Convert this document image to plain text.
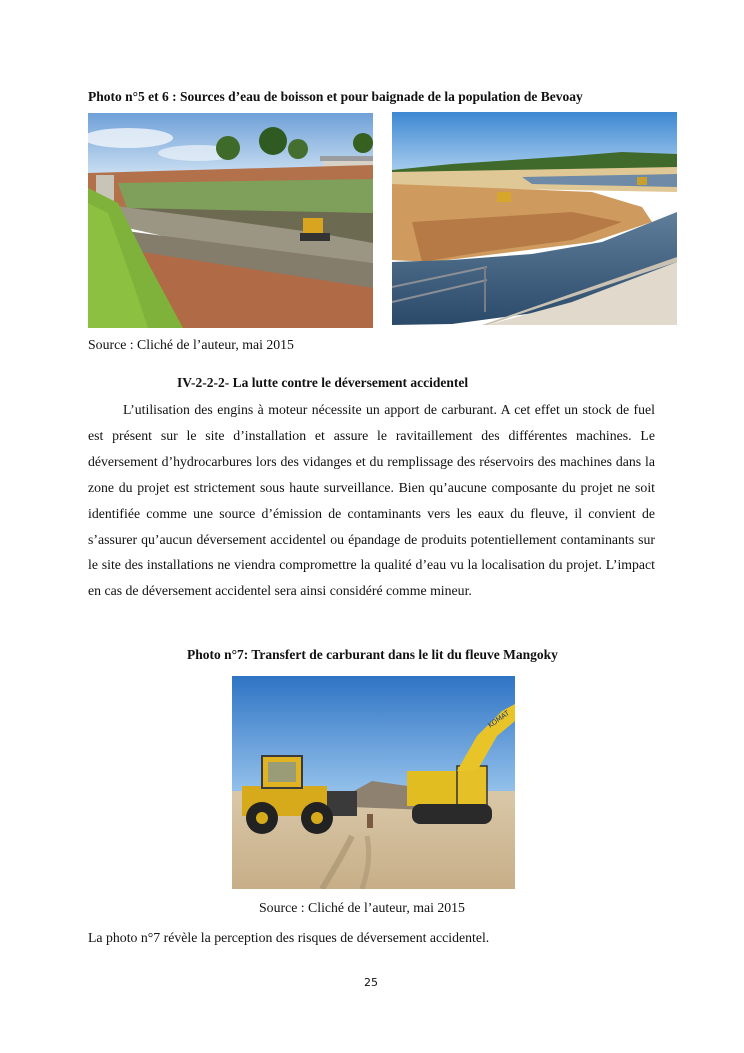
Photo n°5 et 6 : Sources d’eau de boisson et pour baignade de la population de Bevoay
Source : Cliché de l’auteur, mai 2015
IV-2-2-2- La lutte contre le déversement accidentel

L’utilisation des engins à moteur nécessite un apport de carburant. A cet effet un stock de fuel est présent sur le site d’installation et assure le ravitaillement des différentes machines. Le déversement d’hydrocarbures lors des vidanges et du remplissage des réservoirs des machines dans la zone du projet est strictement sous haute surveillance. Bien qu’aucune composante du projet ne soit identifiée comme une source d’émission de contaminants vers les eaux du fleuve, il convient de s’assurer qu’aucun déversement accidentel ou épandage de produits potentiellement contaminants sur le site des installations ne viendra compromettre la qualité d’eau vu la localisation du projet. L’impact en cas de déversement accidentel sera ainsi considéré comme mineur.

Photo n°7: Transfert de carburant dans le lit du fleuve Mangoky
KOMAT
Source : Cliché de l’auteur, mai 2015
La photo n°7 révèle la perception des risques de déversement accidentel.
25
